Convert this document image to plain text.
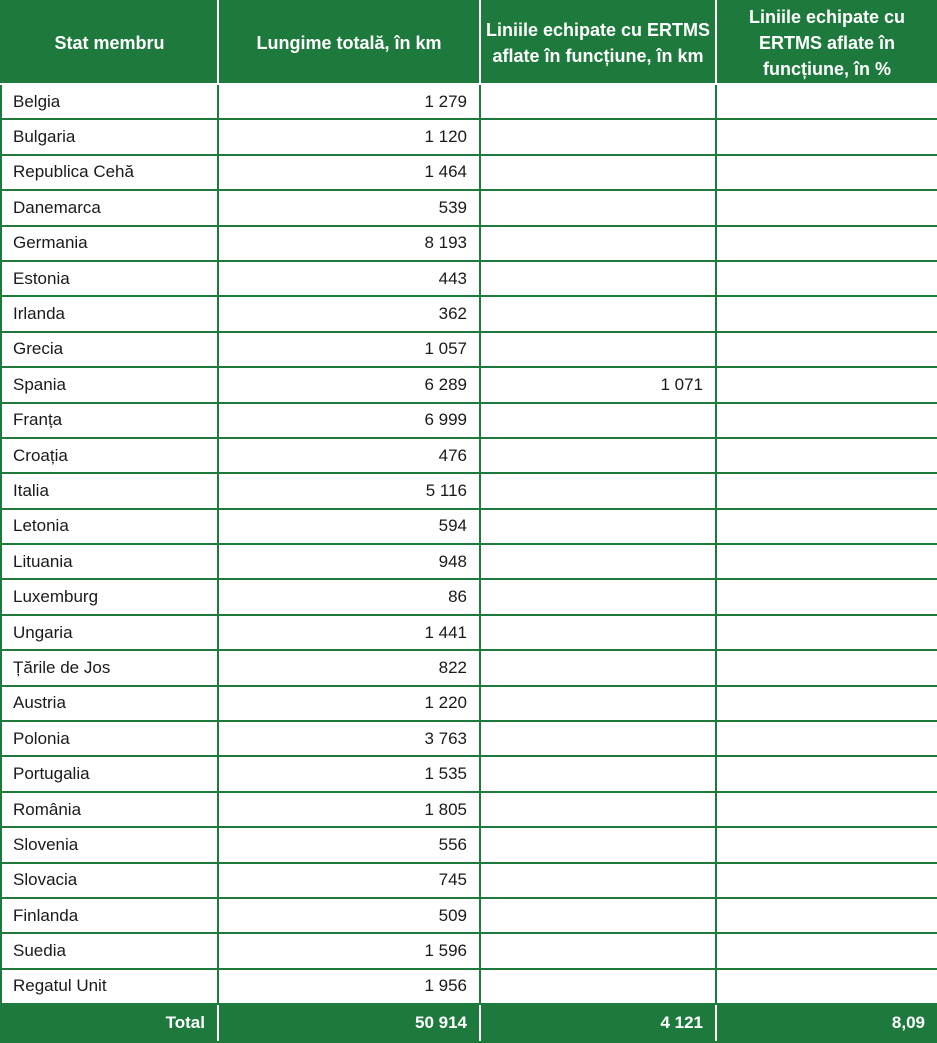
Stat membru	Lungime totală, în km	Liniile echipate cu ERTMS aflate în funcțiune, în km	Liniile echipate cu ERTMS aflate în funcțiune, în %
Belgia	1 279		
Bulgaria	1 120		
Republica Cehă	1 464		
Danemarca	539		
Germania	8 193		
Estonia	443		
Irlanda	362		
Grecia	1 057		
Spania	6 289	1 071	
Franța	6 999		
Croația	476		
Italia	5 116		
Letonia	594		
Lituania	948		
Luxemburg	86		
Ungaria	1 441		
Țările de Jos	822		
Austria	1 220		
Polonia	3 763		
Portugalia	1 535		
România	1 805		
Slovenia	556		
Slovacia	745		
Finlanda	509		
Suedia	1 596		
Regatul Unit	1 956		
Total	50 914	4 121	8,09
